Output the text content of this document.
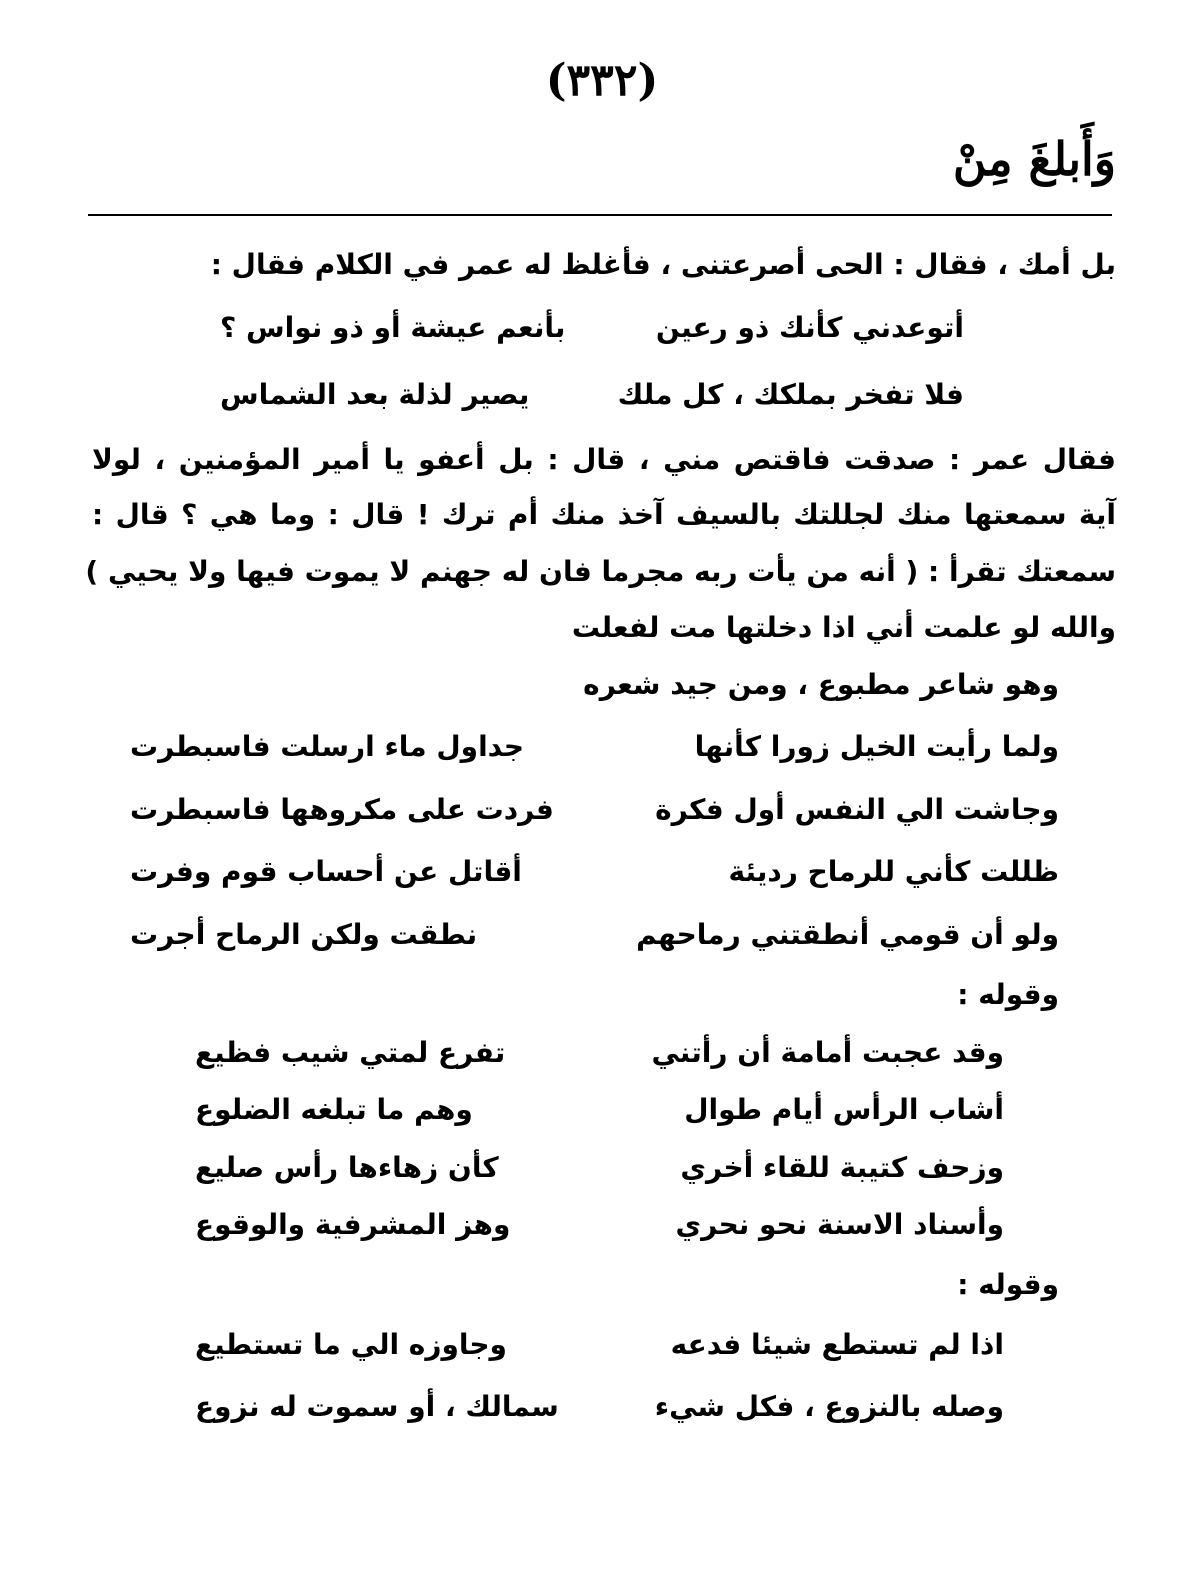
(٣٣٢)
وَأَبلغَ مِنْ
بل أمك ، فقال : الحى أصرعتنى ، فأغلظ له عمر في الكلام فقال :
أتوعدني كأنك ذو رعين
بأنعم عيشة أو ذو نواس ؟
فلا تفخر بملكك ، كل ملك
يصير لذلة بعد الشماس
فقال عمر : صدقت فاقتص مني ، قال : بل أعفو يا أمير المؤمنين ، لولا
آية سمعتها منك لجللتك بالسيف آخذ منك أم ترك ! قال : وما هي ؟ قال :
سمعتك تقرأ : ( أنه من يأت ربه مجرما فان له جهنم لا يموت فيها ولا يحيي )
والله لو علمت أني اذا دخلتها مت لفعلت
وهو شاعر مطبوع ، ومن جيد شعره
ولما رأيت الخيل زورا كأنها
جداول ماء ارسلت فاسبطرت
وجاشت الي النفس أول فكرة
فردت على مكروهها فاسبطرت
ظللت كأني للرماح رديئة
أقاتل عن أحساب قوم وفرت
ولو أن قومي أنطقتني رماحهم
نطقت ولكن الرماح أجرت
وقوله :
وقد عجبت أمامة أن رأتني
تفرع لمتي شيب فظيع
أشاب الرأس أيام طوال
وهم ما تبلغه الضلوع
وزحف كتيبة للقاء أخري
كأن زهاءها رأس صليع
وأسناد الاسنة نحو نحري
وهز المشرفية والوقوع
وقوله :
اذا لم تستطع شيئا فدعه
وجاوزه الي ما تستطيع
وصله بالنزوع ، فكل شيء
سمالك ، أو سموت له نزوع
